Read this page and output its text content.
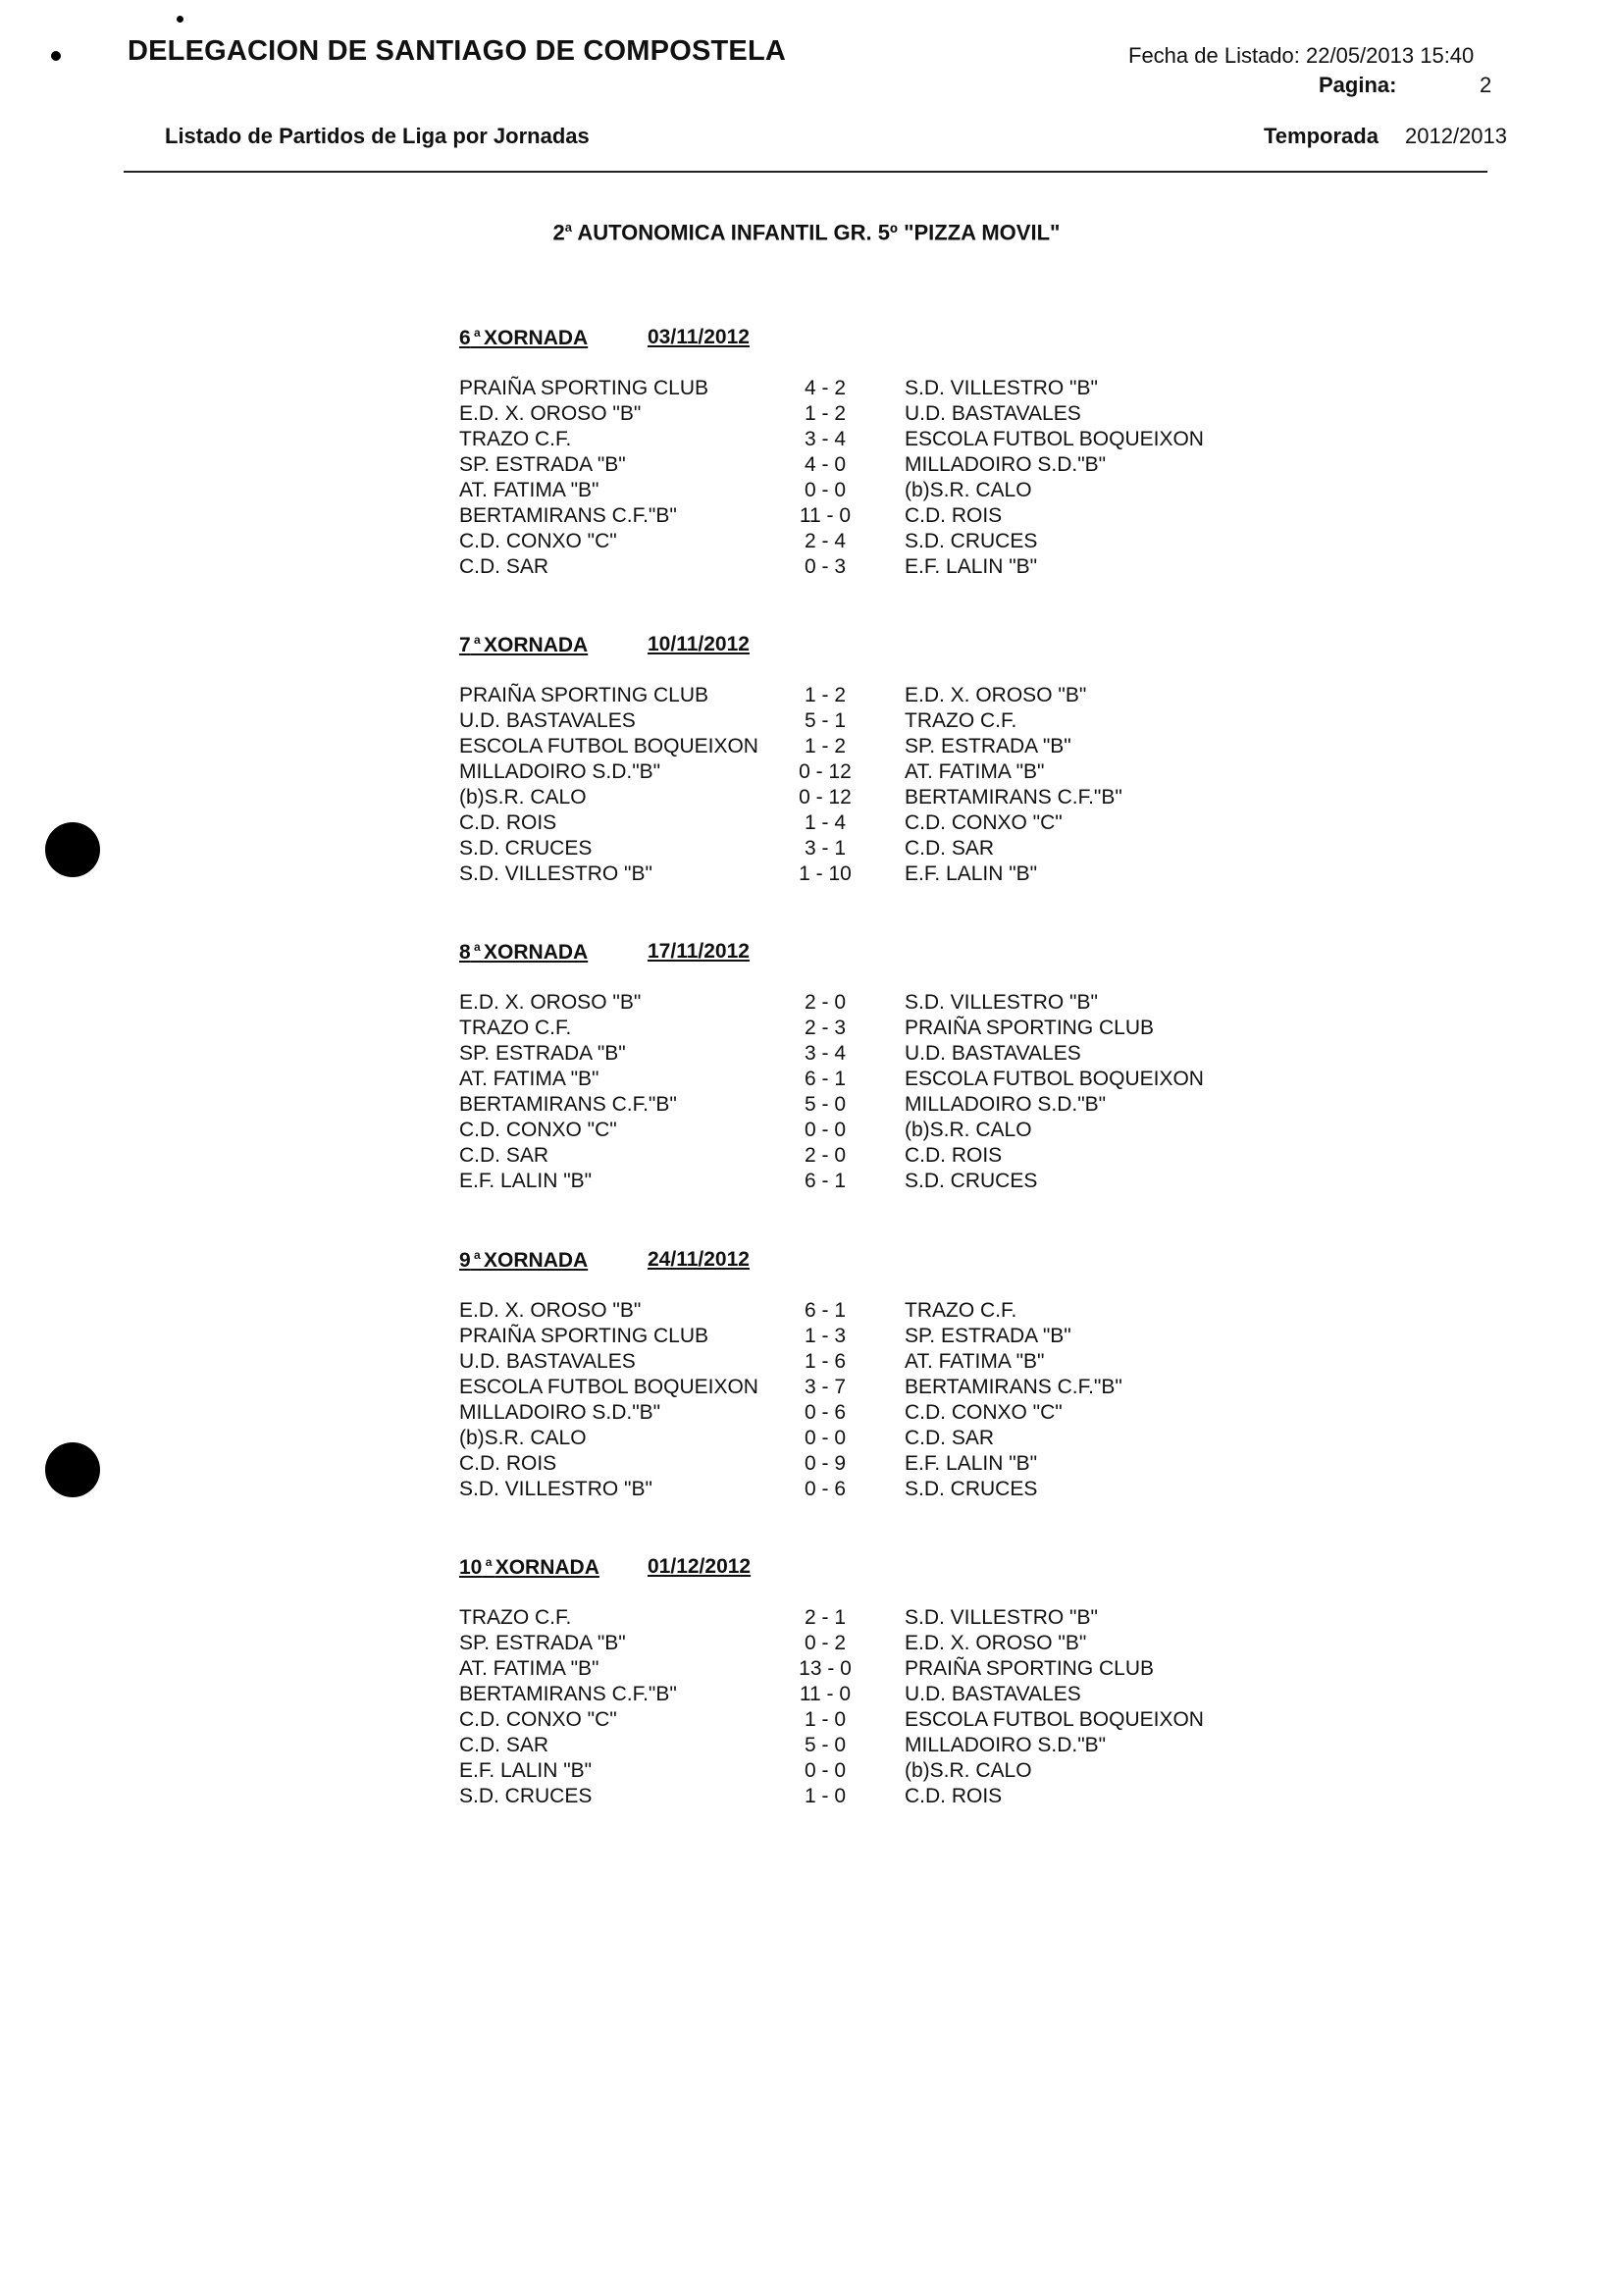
DELEGACION DE SANTIAGO DE COMPOSTELA	Fecha de Listado: 22/05/2013 15:40
Pagina:	2
Listado de Partidos de Liga por Jornadas	Temporada 2012/2013
2$^a$ AUTONOMICA INFANTIL GR. 5º "PIZZA MOVIL"
6 $^a$ XORNADA	03/11/2012
PRAIÑA SPORTING CLUB	4 - 2	S.D. VILLESTRO "B"
E.D. X. OROSO "B"	1 - 2	U.D. BASTAVALES
TRAZO C.F.	3 - 4	ESCOLA FUTBOL BOQUEIXON
SP. ESTRADA "B"	4 - 0	MILLADOIRO S.D."B"
AT. FATIMA "B"	0 - 0	(b)S.R. CALO
BERTAMIRANS C.F."B"	11 - 0	C.D. ROIS
C.D. CONXO "C"	2 - 4	S.D. CRUCES
C.D. SAR	0 - 3	E.F. LALIN "B"
7 $^a$ XORNADA	10/11/2012
PRAIÑA SPORTING CLUB	1 - 2	E.D. X. OROSO "B"
U.D. BASTAVALES	5 - 1	TRAZO C.F.
ESCOLA FUTBOL BOQUEIXON	1 - 2	SP. ESTRADA "B"
MILLADOIRO S.D."B"	0 - 12	AT. FATIMA "B"
(b)S.R. CALO	0 - 12	BERTAMIRANS C.F."B"
C.D. ROIS	1 - 4	C.D. CONXO "C"
S.D. CRUCES	3 - 1	C.D. SAR
S.D. VILLESTRO "B"	1 - 10	E.F. LALIN "B"
8 $^a$ XORNADA	17/11/2012
E.D. X. OROSO "B"	2 - 0	S.D. VILLESTRO "B"
TRAZO C.F.	2 - 3	PRAIÑA SPORTING CLUB
SP. ESTRADA "B"	3 - 4	U.D. BASTAVALES
AT. FATIMA "B"	6 - 1	ESCOLA FUTBOL BOQUEIXON
BERTAMIRANS C.F."B"	5 - 0	MILLADOIRO S.D."B"
C.D. CONXO "C"	0 - 0	(b)S.R. CALO
C.D. SAR	2 - 0	C.D. ROIS
E.F. LALIN "B"	6 - 1	S.D. CRUCES
9 $^a$ XORNADA	24/11/2012
E.D. X. OROSO "B"	6 - 1	TRAZO C.F.
PRAIÑA SPORTING CLUB	1 - 3	SP. ESTRADA "B"
U.D. BASTAVALES	1 - 6	AT. FATIMA "B"
ESCOLA FUTBOL BOQUEIXON	3 - 7	BERTAMIRANS C.F."B"
MILLADOIRO S.D."B"	0 - 6	C.D. CONXO "C"
(b)S.R. CALO	0 - 0	C.D. SAR
C.D. ROIS	0 - 9	E.F. LALIN "B"
S.D. VILLESTRO "B"	0 - 6	S.D. CRUCES
10 $^a$ XORNADA 01/12/2012
TRAZO C.F.	2 - 1	S.D. VILLESTRO "B"
SP. ESTRADA "B"	0 - 2	E.D. X. OROSO "B"
AT. FATIMA "B"	13 - 0	PRAIÑA SPORTING CLUB
BERTAMIRANS C.F."B"	11 - 0	U.D. BASTAVALES
C.D. CONXO "C"	1 - 0	ESCOLA FUTBOL BOQUEIXON
C.D. SAR	5 - 0	MILLADOIRO S.D."B"
E.F. LALIN "B"	0 - 0	(b)S.R. CALO
S.D. CRUCES	1 - 0	C.D. ROIS
